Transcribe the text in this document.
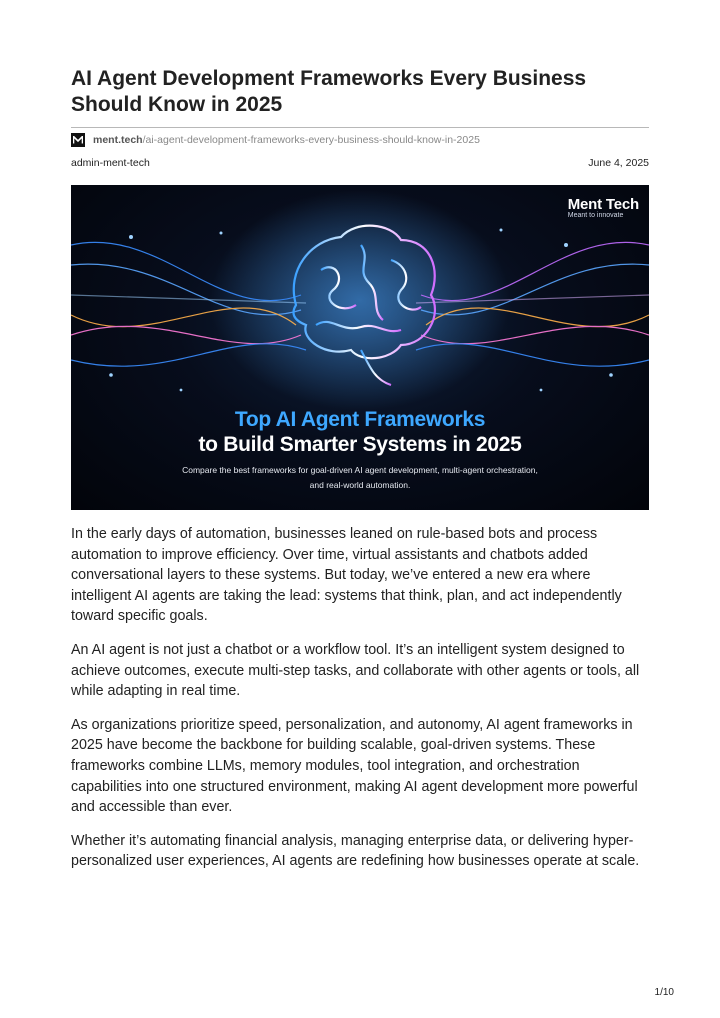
AI Agent Development Frameworks Every Business Should Know in 2025
ment.tech/ai-agent-development-frameworks-every-business-should-know-in-2025
admin-ment-tech	June 4, 2025
Ment Tech
Meant to innovate
Top AI Agent Frameworks
to Build Smarter Systems in 2025
Compare the best frameworks for goal-driven AI agent development, multi-agent orchestration,
and real-world automation.

In the early days of automation, businesses leaned on rule-based bots and process automation to improve efficiency. Over time, virtual assistants and chatbots added conversational layers to these systems. But today, we’ve entered a new era where intelligent AI agents are taking the lead: systems that think, plan, and act independently toward specific goals.

An AI agent is not just a chatbot or a workflow tool. It’s an intelligent system designed to achieve outcomes, execute multi-step tasks, and collaborate with other agents or tools, all while adapting in real time.

As organizations prioritize speed, personalization, and autonomy, AI agent frameworks in 2025 have become the backbone for building scalable, goal-driven systems. These frameworks combine LLMs, memory modules, tool integration, and orchestration capabilities into one structured environment, making AI agent development more powerful and accessible than ever.

Whether it’s automating financial analysis, managing enterprise data, or delivering hyper-personalized user experiences, AI agents are redefining how businesses operate at scale.

1/10
